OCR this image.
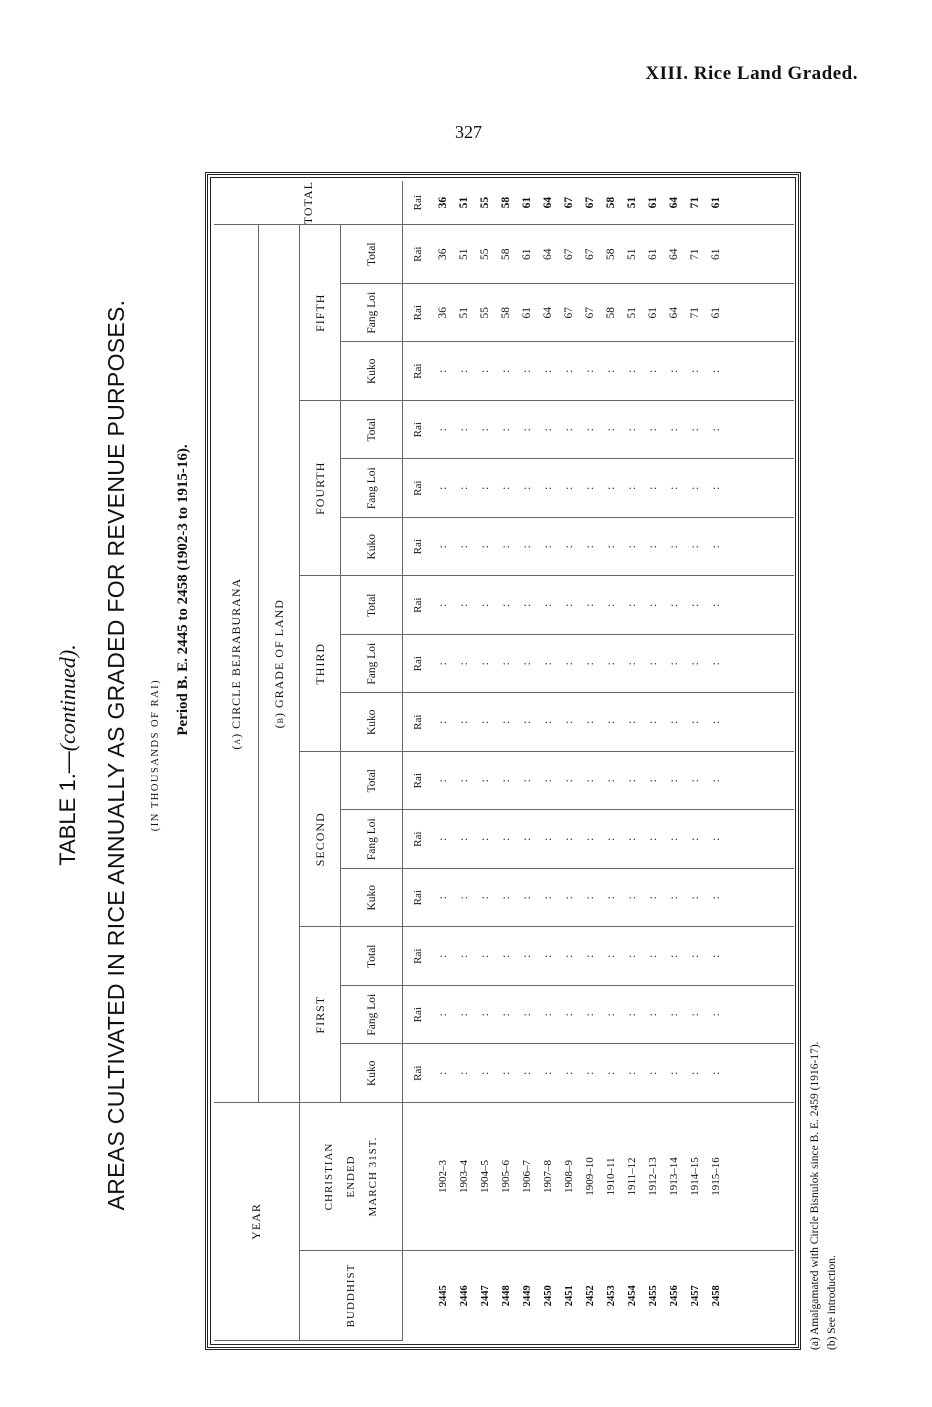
XIII. Rice Land Graded.
327
TABLE 1.—(continued). AREAS CULTIVATED IN RICE ANNUALLY AS GRADED FOR REVENUE PURPOSES. (IN THOUSANDS OF RAI)
Period B. E. 2445 to 2458 (1902-3 to 1915-16).
YEAR		(a) CIRCLE BEJRABURANA															TOTAL
		(b) GRADE OF LAND															
BUDDHIST	CHRISTIAN ENDED MARCH 31ST.	FIRST			SECOND			THIRD			FOURTH			FIFTH			
		Kuko	Fang Loi	Total	Kuko	Fang Loi	Total	Kuko	Fang Loi	Total	Kuko	Fang Loi	Total	Kuko	Fang Loi	Total	
		Rai	Rai	Rai	Rai	Rai	Rai	Rai	Rai	Rai	Rai	Rai	Rai	Rai	Rai	Rai	Rai
2445	1902–3	:	:	:	:	:	:	:	:	:	:	:	:	:	36	36	36
2446	1903–4	:	:	:	:	:	:	:	:	:	:	:	:	:	51	51	51
2447	1904–5	:	:	:	:	:	:	:	:	:	:	:	:	:	55	55	55
2448	1905–6	:	:	:	:	:	:	:	:	:	:	:	:	:	58	58	58
2449	1906–7	:	:	:	:	:	:	:	:	:	:	:	:	:	61	61	61
2450	1907–8	:	:	:	:	:	:	:	:	:	:	:	:	:	64	64	64
2451	1908–9	:	:	:	:	:	:	:	:	:	:	:	:	:	67	67	67
2452	1909–10	:	:	:	:	:	:	:	:	:	:	:	:	:	67	67	67
2453	1910–11	:	:	:	:	:	:	:	:	:	:	:	:	:	58	58	58
2454	1911–12	:	:	:	:	:	:	:	:	:	:	:	:	:	51	51	51
2455	1912–13	:	:	:	:	:	:	:	:	:	:	:	:	:	61	61	61
2456	1913–14	:	:	:	:	:	:	:	:	:	:	:	:	:	64	64	64
2457	1914–15	:	:	:	:	:	:	:	:	:	:	:	:	:	71	71	71
2458	1915–16	:	:	:	:	:	:	:	:	:	:	:	:	:	61	61	61

(a) Amalgamated with Circle Bisnulok since B. E. 2459 (1916-17). (b) See introduction.
